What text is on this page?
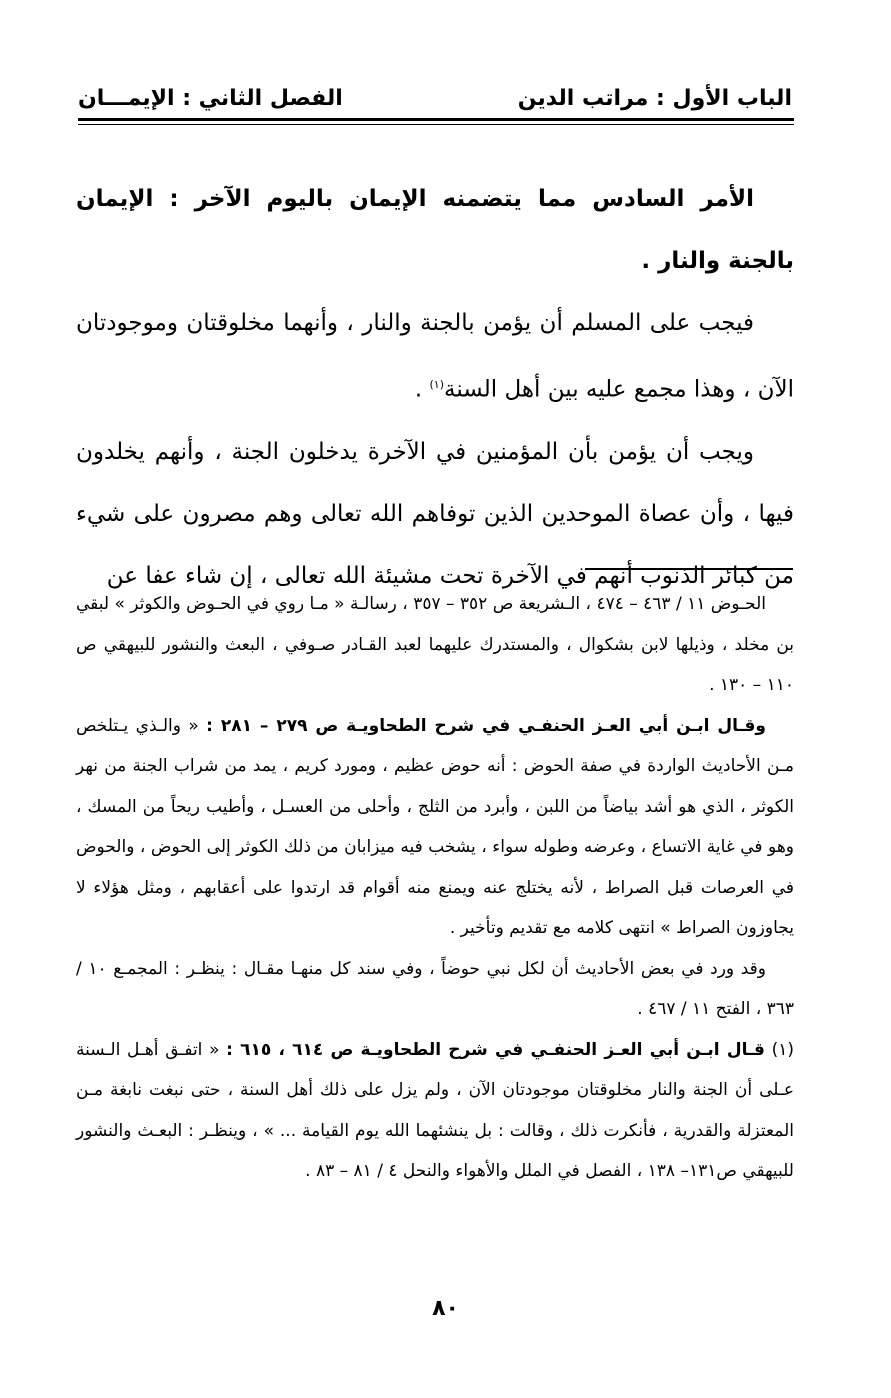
الباب الأول : مراتب الدين
الفصل الثاني : الإيمـــان

الأمر السادس مما يتضمنه الإيمان باليوم الآخر : الإيمان بالجنة والنار .

فيجب على المسلم أن يؤمن بالجنة والنار ، وأنهما مخلوقتان وموجودتان الآن ، وهذا مجمع عليه بين أهل السنة$^{(١)}$ .

ويجب أن يؤمن بأن المؤمنين في الآخرة يدخلون الجنة ، وأنهم يخلدون فيها ، وأن عصاة الموحدين الذين توفاهم الله تعالى وهم مصرون على شيء من كبائر الذنوب أنهم في الآخرة تحت مشيئة الله تعالى ، إن شاء عفا عن

الحـوض ١١ / ٤٦٣ – ٤٧٤ ، الـشريعة ص ٣٥٢ – ٣٥٧ ، رسالـة « مـا روي في الحـوض والكوثر » لبقي بن مخلد ، وذيلها لابن بشكوال ، والمستدرك عليهما لعبد القـادر صـوفي ، البعث والنشور للبيهقي ص ١١٠ – ١٣٠ .

وقـال ابـن أبي العـز الحنفـي في شرح الطحاويـة ص ٢٧٩ – ٢٨١ : « والـذي يـتلخص مـن الأحاديث الواردة في صفة الحوض : أنه حوض عظيم ، ومورد كريم ، يمد من شراب الجنة من نهر الكوثر ، الذي هو أشد بياضاً من اللبن ، وأبرد من الثلج ، وأحلى من العسـل ، وأطيب ريحاً من المسك ، وهو في غاية الاتساع ، وعرضه وطوله سواء ، يشخب فيه ميزابان من ذلك الكوثر إلى الحوض ، والحوض في العرصات قبل الصراط ، لأنه يختلج عنه ويمنع منه أقوام قد ارتدوا على أعقابهم ، ومثل هؤلاء لا يجاوزون الصراط » انتهى كلامه مع تقديم وتأخير .

وقد ورد في بعض الأحاديث أن لكل نبي حوضاً ، وفي سند كل منهـا مقـال : ينظـر : المجمـع ١٠ / ٣٦٣ ، الفتح ١١ / ٤٦٧ .

(١) قـال ابـن أبي العـز الحنفـي في شرح الطحاويـة ص ٦١٤ ، ٦١٥ : « اتفـق أهـل الـسنة عـلى أن الجنة والنار مخلوقتان موجودتان الآن ، ولم يزل على ذلك أهل السنة ، حتى نبغت نابغة مـن المعتزلة والقدرية ، فأنكرت ذلك ، وقالت : بل ينشئهما الله يوم القيامة ... » ، وينظـر : البعـث والنشور للبيهقي ص١٣١– ١٣٨ ، الفصل في الملل والأهواء والنحل ٤ / ٨١ – ٨٣ .

٨٠
